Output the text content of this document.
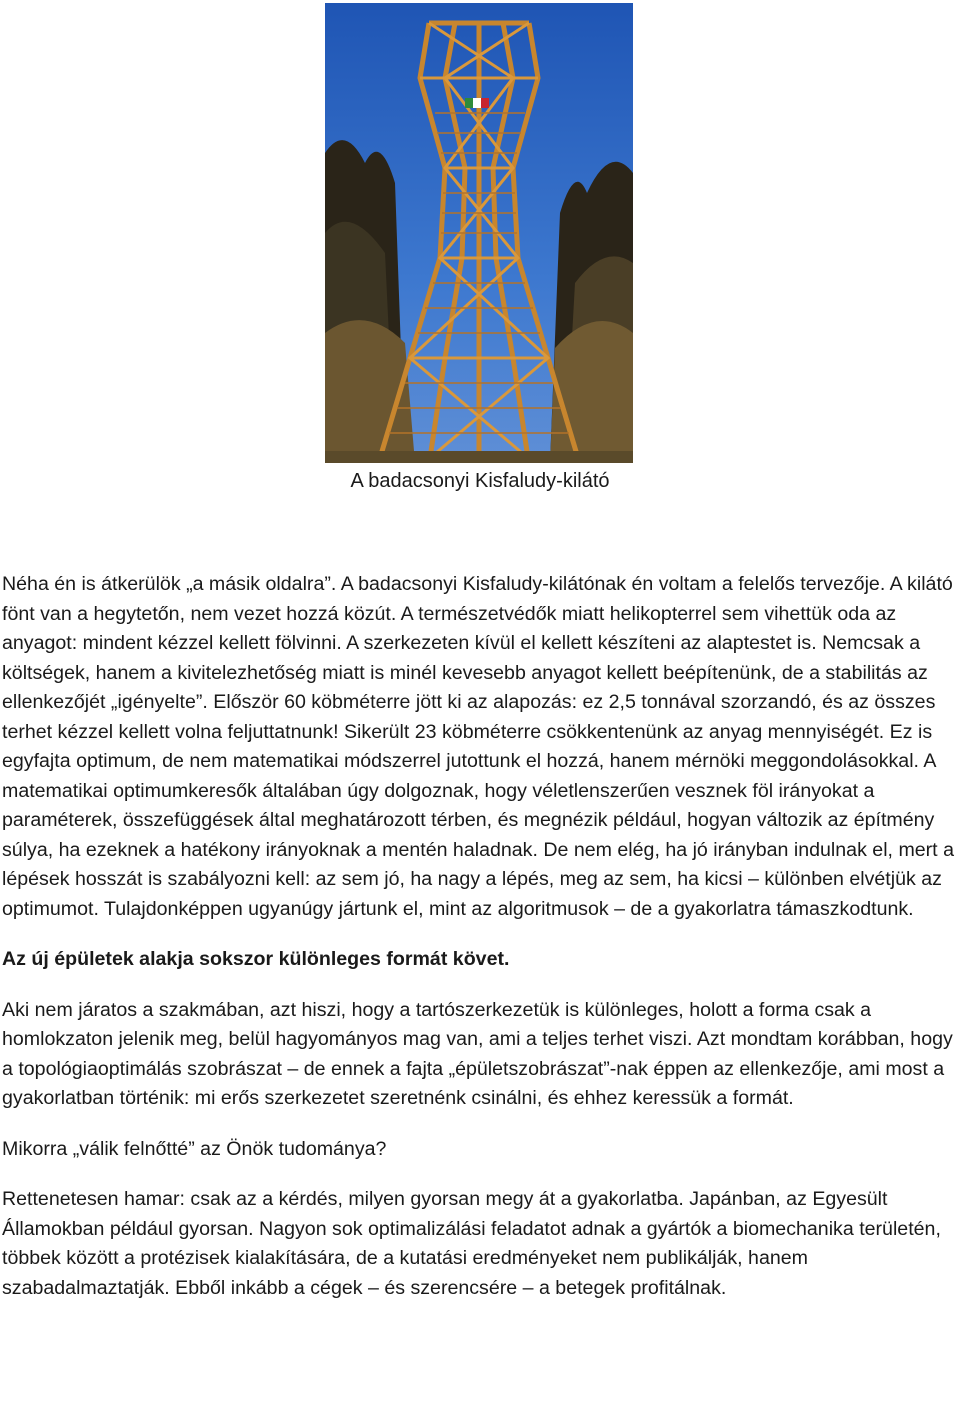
A badacsonyi Kisfaludy-kilátó

Néha én is átkerülök „a másik oldalra”. A badacsonyi Kisfaludy-kilátónak én voltam a felelős tervezője. A kilátó fönt van a hegytetőn, nem vezet hozzá közút. A természetvédők miatt helikopterrel sem vihettük oda az anyagot: mindent kézzel kellett fölvinni. A szerkezeten kívül el kellett készíteni az alaptestet is. Nemcsak a költségek, hanem a kivitelezhetőség miatt is minél kevesebb anyagot kellett beépítenünk, de a stabilitás az ellenkezőjét „igényelte”. Először 60 köbméterre jött ki az alapozás: ez 2,5 tonnával szorzandó, és az összes terhet kézzel kellett volna feljuttatnunk! Sikerült 23 köbméterre csökkentenünk az anyag mennyiségét. Ez is egyfajta optimum, de nem matematikai módszerrel jutottunk el hozzá, hanem mérnöki meggondolásokkal. A matematikai optimumkeresők általában úgy dolgoznak, hogy véletlenszerűen vesznek föl irányokat a paraméterek, összefüggések által meghatározott térben, és megnézik például, hogyan változik az építmény súlya, ha ezeknek a hatékony irányoknak a mentén haladnak. De nem elég, ha jó irányban indulnak el, mert a lépések hosszát is szabályozni kell: az sem jó, ha nagy a lépés, meg az sem, ha kicsi – különben elvétjük az optimumot. Tulajdonképpen ugyanúgy jártunk el, mint az algoritmusok – de a gyakorlatra támaszkodtunk.

Az új épületek alakja sokszor különleges formát követ.

Aki nem járatos a szakmában, azt hiszi, hogy a tartószerkezetük is különleges, holott a forma csak a homlokzaton jelenik meg, belül hagyományos mag van, ami a teljes terhet viszi. Azt mondtam korábban, hogy a topológiaoptimálás szobrászat – de ennek a fajta „épületszobrászat”-nak éppen az ellenkezője, ami most a gyakorlatban történik: mi erős szerkezetet szeretnénk csinálni, és ehhez keressük a formát.

Mikorra „válik felnőtté” az Önök tudománya?

Rettenetesen hamar: csak az a kérdés, milyen gyorsan megy át a gyakorlatba. Japánban, az Egyesült Államokban például gyorsan. Nagyon sok optimalizálási feladatot adnak a gyártók a biomechanika területén, többek között a protézisek kialakítására, de a kutatási eredményeket nem publikálják, hanem szabadalmaztatják. Ebből inkább a cégek – és szerencsére – a betegek profitálnak.
